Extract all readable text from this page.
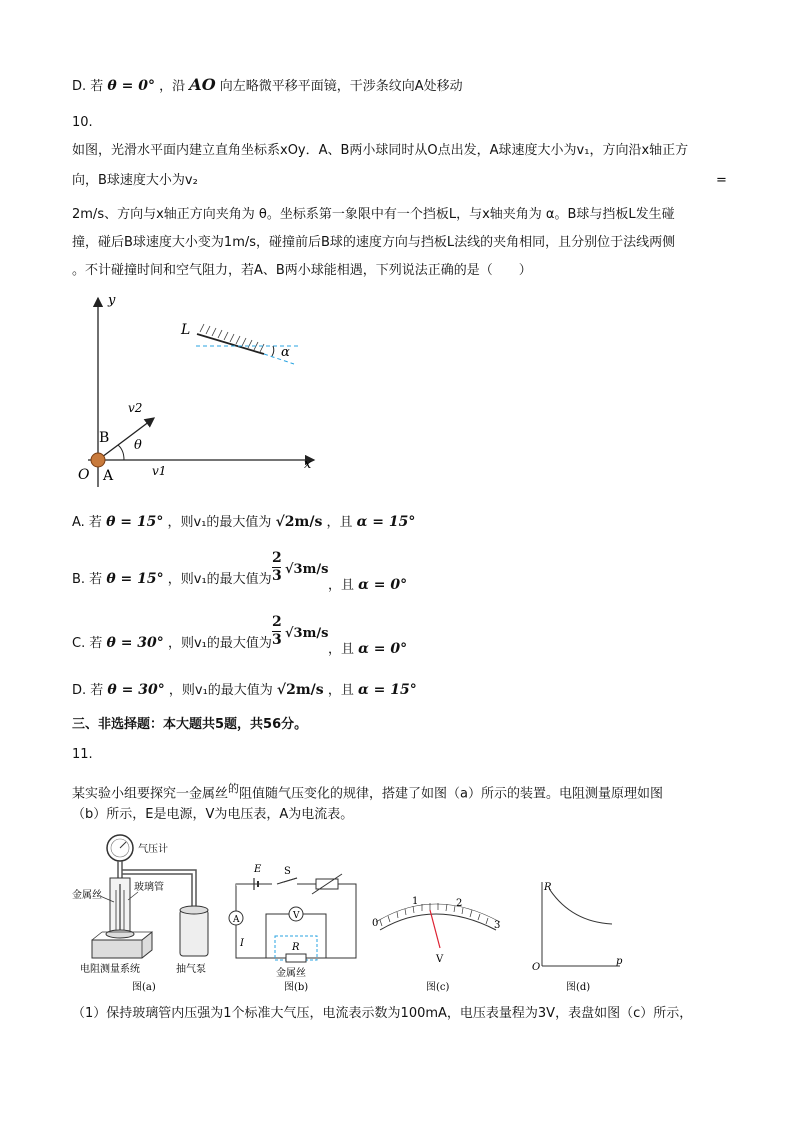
D. 若 θ = 0° ，沿 AO 向左略微平移平面镜，干涉条纹向A处移动
10.
如图，光滑水平面内建立直角坐标系xOy．A、B两小球同时从O点出发，A球速度大小为v₁，方向沿x轴正方
向，B球速度大小为v₂	=
2m/s、方向与x轴正方向夹角为 θ。坐标系第一象限中有一个挡板L，与x轴夹角为 α。B球与挡板L发生碰
撞，碰后B球速度大小变为1m/s，碰撞前后B球的速度方向与挡板L法线的夹角相同，且分别位于法线两侧
。不计碰撞时间和空气阻力，若A、B两小球能相遇，下列说法正确的是（　　）
y
x
O A
B
L
α
v2
θ
v1
A. 若 θ = 15° ，则v₁的最大值为 √2m/s ，且 α = 15°
B. 若 θ = 15° ，则v₁的最大值为
2
3 √3m/s
，且 α = 0°
C. 若 θ = 30° ，则v₁的最大值为
2
3 √3m/s
，且 α = 0°
D. 若 θ = 30° ，则v₁的最大值为 √2m/s ，且 α = 15°
三、非选择题：本大题共5题，共56分。
11.
某实验小组要探究一金属丝$^的$阻值随气压变化的规律，搭建了如图（a）所示的装置。电阻测量原理如图
（b）所示，E是电源，V为电压表，A为电流表。
气压计
金属丝
玻璃管
电阻测量系统	抽气泵
图(a)
E S
A
I
V
R
金属丝
图(b)
0
1	2
3
V
图(c)
R
O
p
图(d)
（1）保持玻璃管内压强为1个标准大气压，电流表示数为100mA，电压表量程为3V，表盘如图（c）所示，
